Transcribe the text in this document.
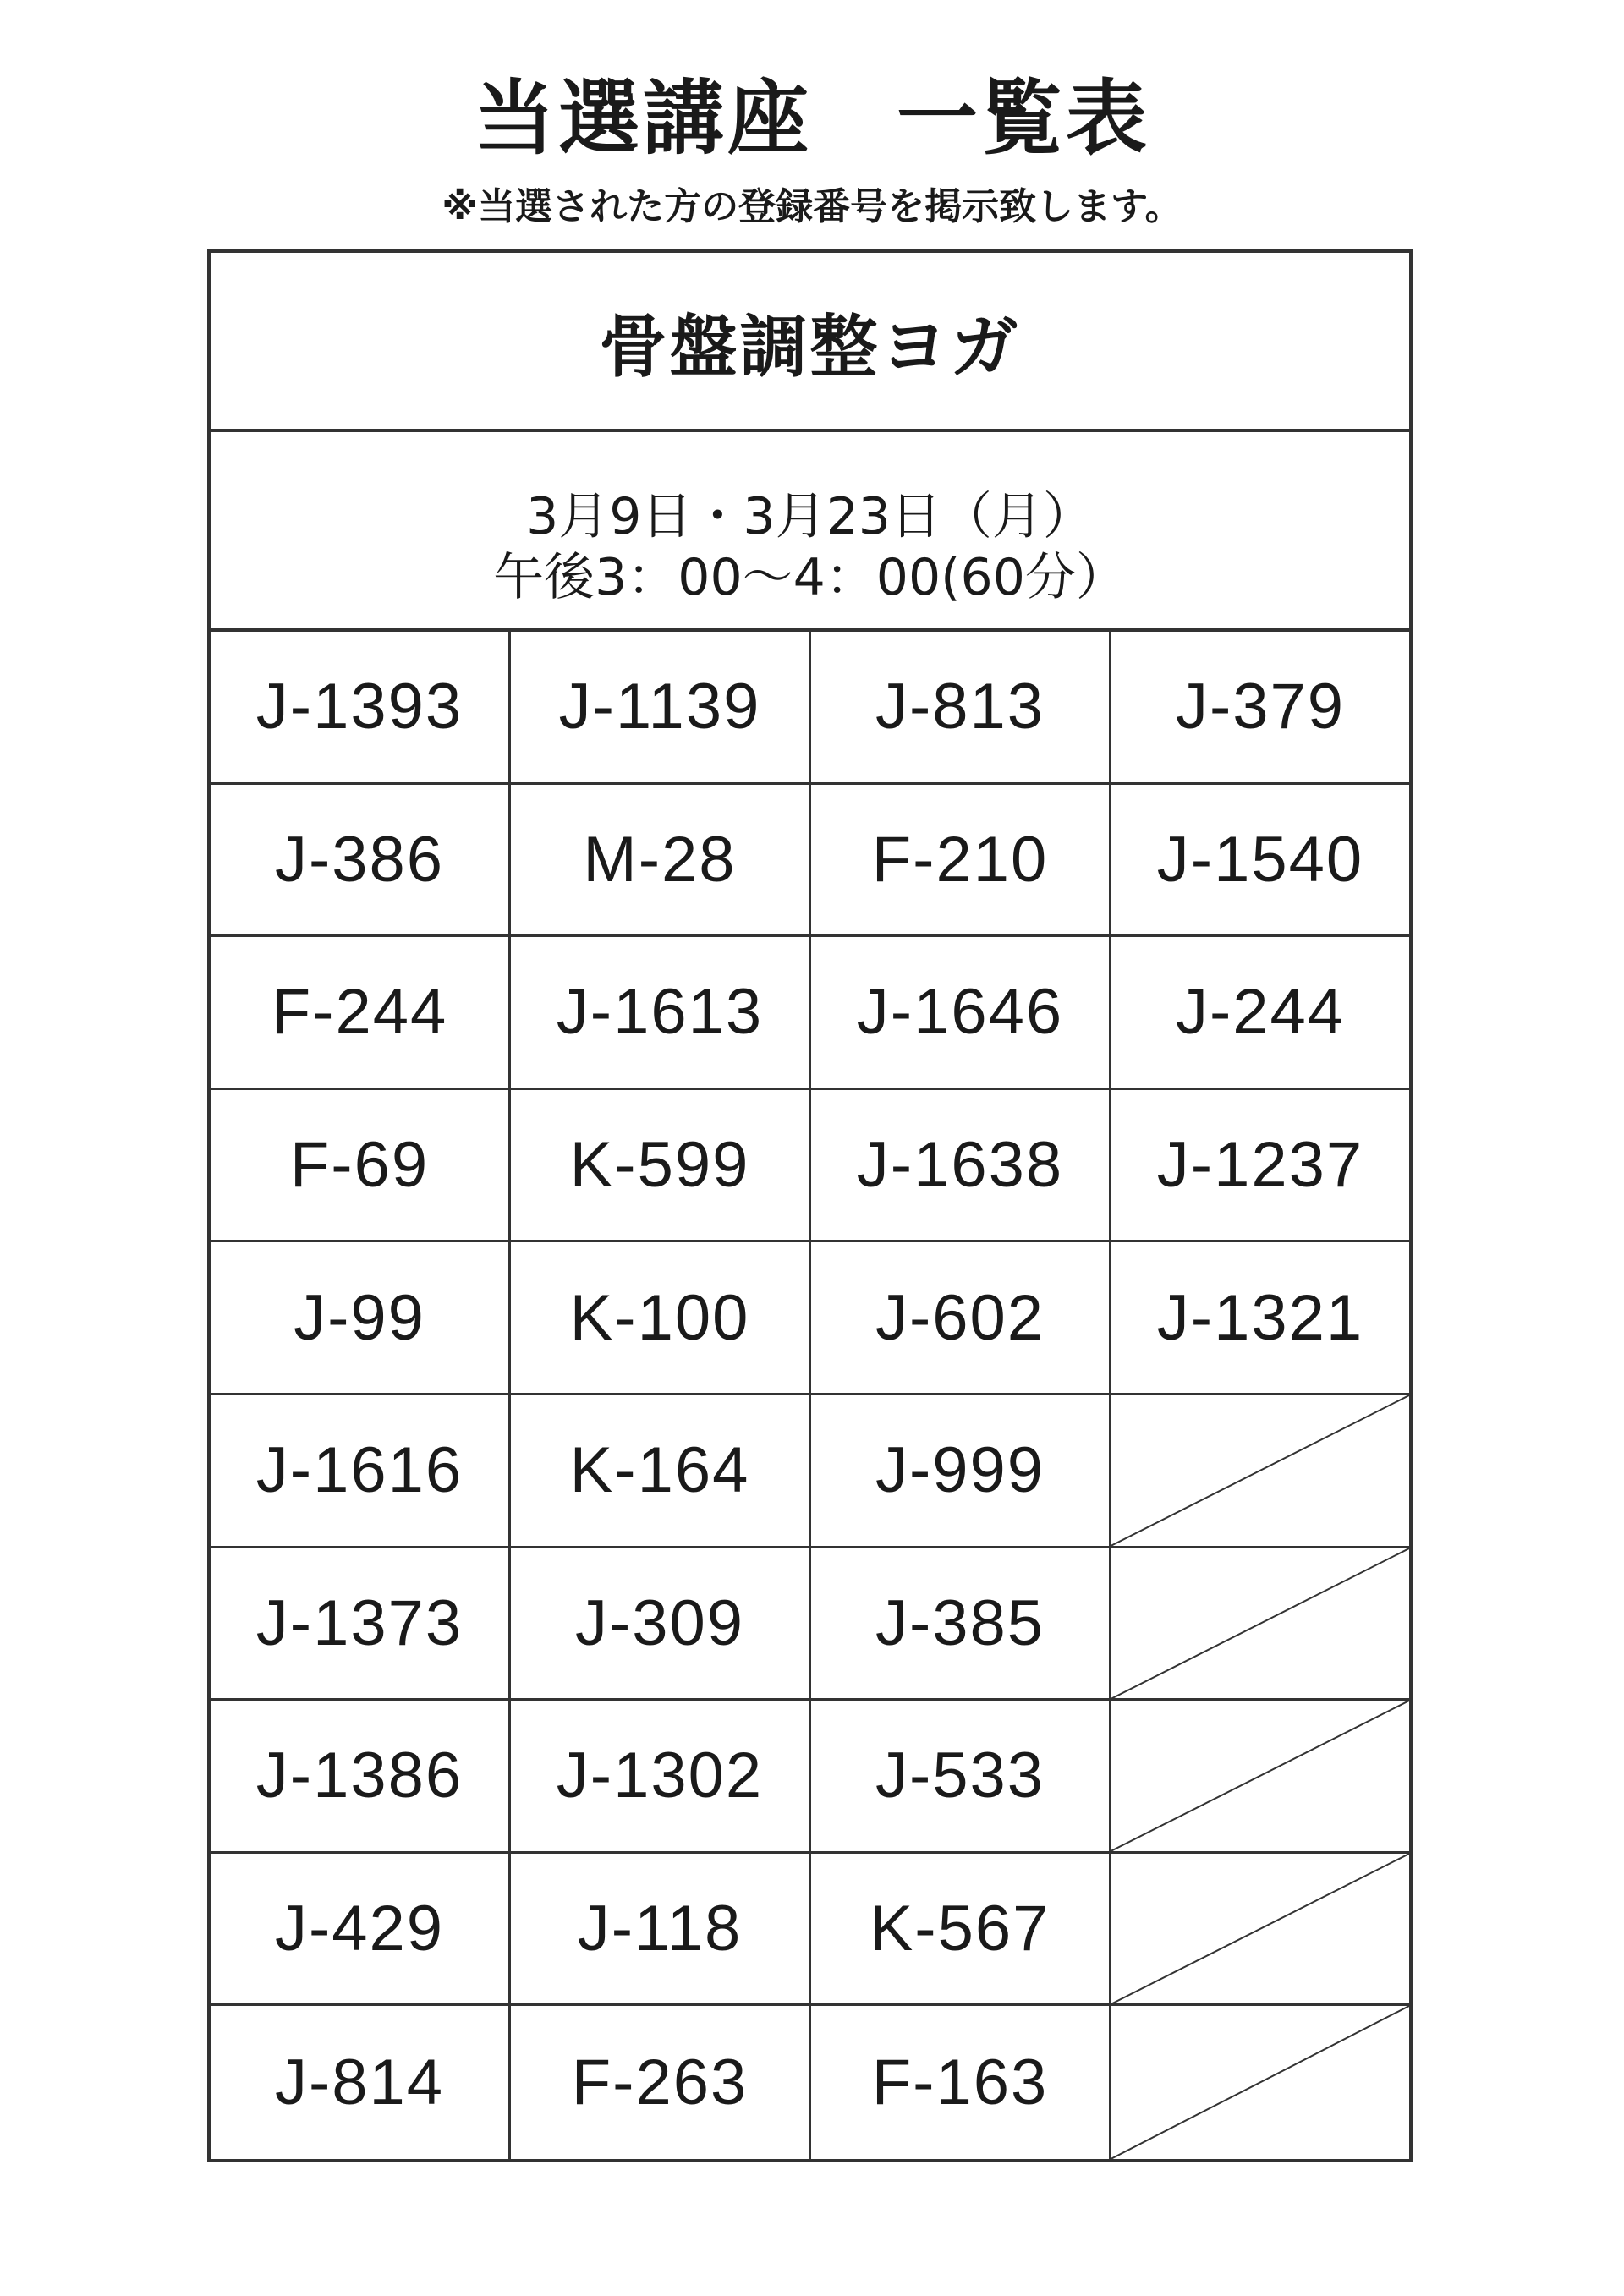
当選講座　一覧表
※当選された方の登録番号を掲示致します。
骨盤調整ヨガ
3月9日・3月23日（月）
午後3：00～4：00(60分）
J-1393	J-1139	J-813	J-379
J-386	M-28	F-210	J-1540
F-244	J-1613	J-1646	J-244
F-69	K-599	J-1638	J-1237
J-99	K-100	J-602	J-1321
J-1616	K-164	J-999
J-1373	J-309	J-385
J-1386	J-1302	J-533
J-429	J-118	K-567
J-814	F-263	F-163
